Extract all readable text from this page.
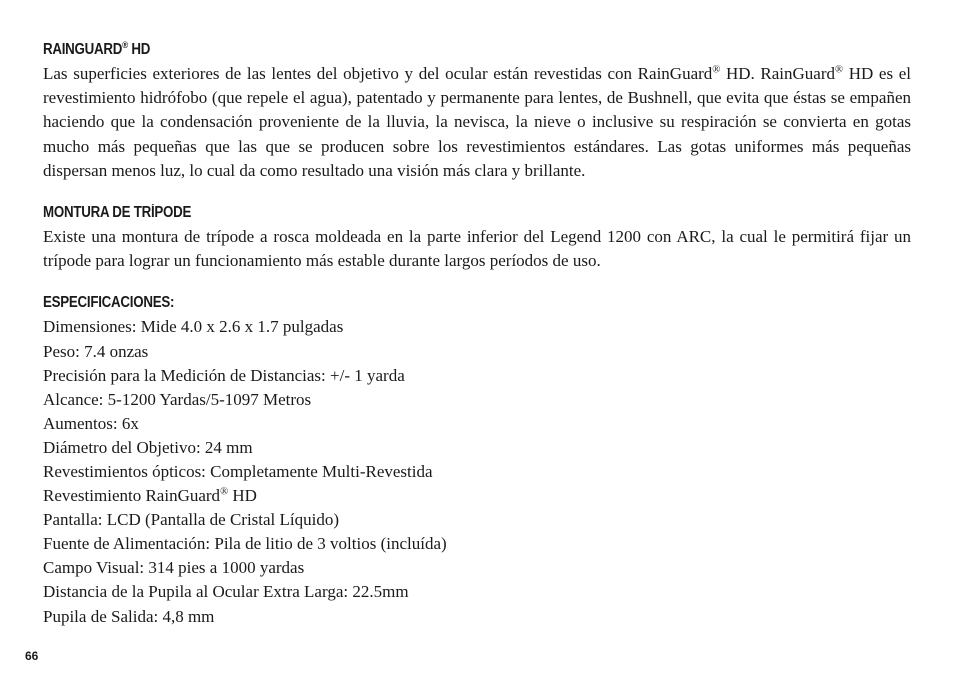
RAINGUARD® HD

Las superficies exteriores de las lentes del objetivo y del ocular están revestidas con RainGuard® HD. RainGuard® HD es el revestimiento hidrófobo (que repele el agua), patentado y permanente para lentes, de Bushnell, que evita que éstas se empañen haciendo que la condensación proveniente de la lluvia, la nevisca, la nieve o inclusive su respiración se convierta en gotas mucho más pequeñas que las que se producen sobre los revestimientos estándares. Las gotas uniformes más pequeñas dispersan menos luz, lo cual da como resultado una visión más clara y brillante.

MONTURA DE TRÍPODE

Existe una montura de trípode a rosca moldeada en la parte inferior del Legend 1200 con ARC, la cual le permitirá fijar un trípode para lograr un funcionamiento más estable durante largos períodos de uso.

ESPECIFICACIONES:
Dimensiones: Mide 4.0 x 2.6 x 1.7 pulgadas
Peso: 7.4 onzas
Precisión para la Medición de Distancias: +/- 1 yarda
Alcance: 5-1200 Yardas/5-1097 Metros
Aumentos: 6x
Diámetro del Objetivo: 24 mm
Revestimientos ópticos: Completamente Multi-Revestida
Revestimiento RainGuard® HD
Pantalla: LCD (Pantalla de Cristal Líquido)
Fuente de Alimentación: Pila de litio de 3 voltios (incluída)
Campo Visual: 314 pies a 1000 yardas
Distancia de la Pupila al Ocular Extra Larga: 22.5mm
Pupila de Salida: 4,8 mm
66
